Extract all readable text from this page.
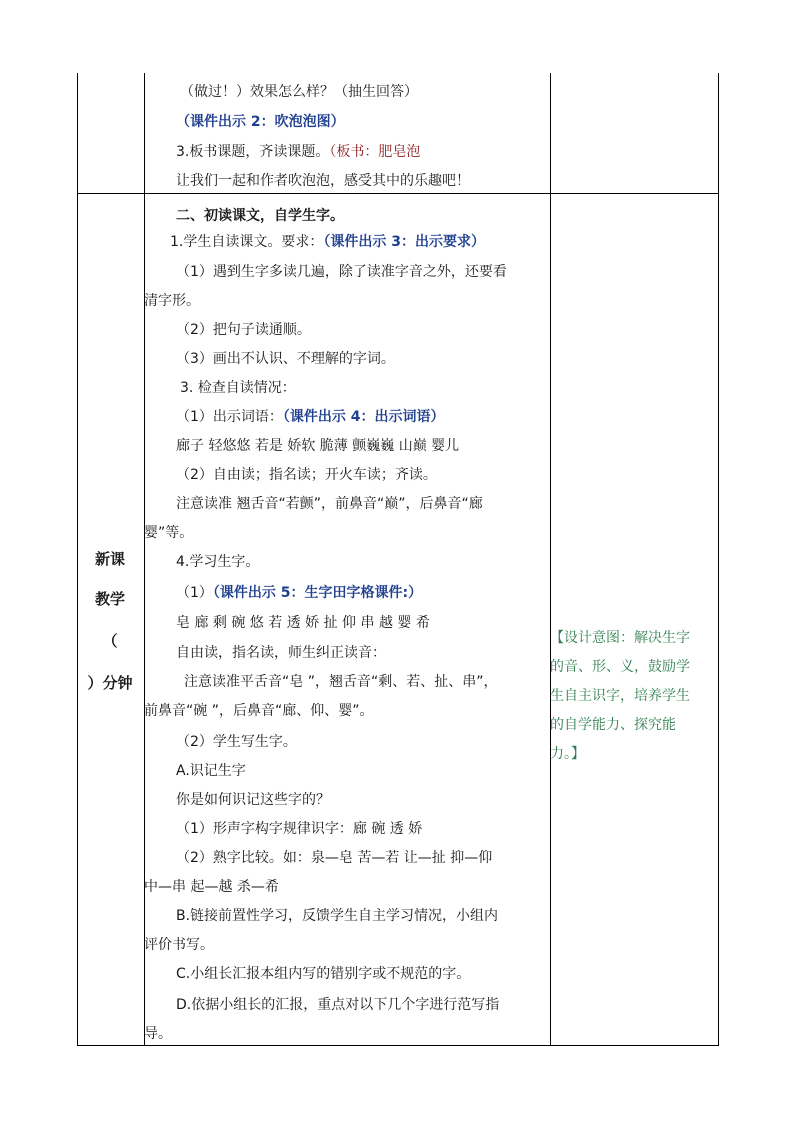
（做过！）效果怎么样？（抽生回答）
（课件出示 2：吹泡泡图）
3.板书课题，齐读课题。（板书：肥皂泡
让我们一起和作者吹泡泡，感受其中的乐趣吧！
新课
教学
（
）分钟
二、初读课文，自学生字。
1.学生自读课文。要求：（课件出示 3：出示要求）
（1）遇到生字多读几遍，除了读准字音之外，还要看
清字形。
（2）把句子读通顺。
（3）画出不认识、不理解的字词。
3. 检查自读情况：
（1）出示词语：（课件出示 4：出示词语）
廊子 轻悠悠 若是 娇软 脆薄 颤巍巍 山巅 婴儿
（2）自由读；指名读；开火车读；齐读。
注意读准 翘舌音“若颤”，前鼻音“巅”，后鼻音“廊
婴”等。
4.学习生字。
（1）（课件出示 5：生字田字格课件:）
皂 廊 剩 碗 悠 若 透 娇 扯 仰 串 越 婴 希
自由读，指名读，师生纠正读音：
注意读准平舌音“皂 ”，翘舌音“剩、若、扯、串”，
前鼻音“碗 ”，后鼻音“廊、仰、婴”。
（2）学生写生字。
A.识记生字
你是如何识记这些字的？
（1）形声字构字规律识字：廊 碗 透 娇
（2）熟字比较。如：泉—皂 苦—若 让—扯 抑—仰
中—串 起—越 杀—希
B.链接前置性学习，反馈学生自主学习情况，小组内
评价书写。
C.小组长汇报本组内写的错别字或不规范的字。
D.依据小组长的汇报，重点对以下几个字进行范写指
导。
【设计意图：解决生字
的音、形、义，鼓励学
生自主识字，培养学生
的自学能力、探究能
力。】
